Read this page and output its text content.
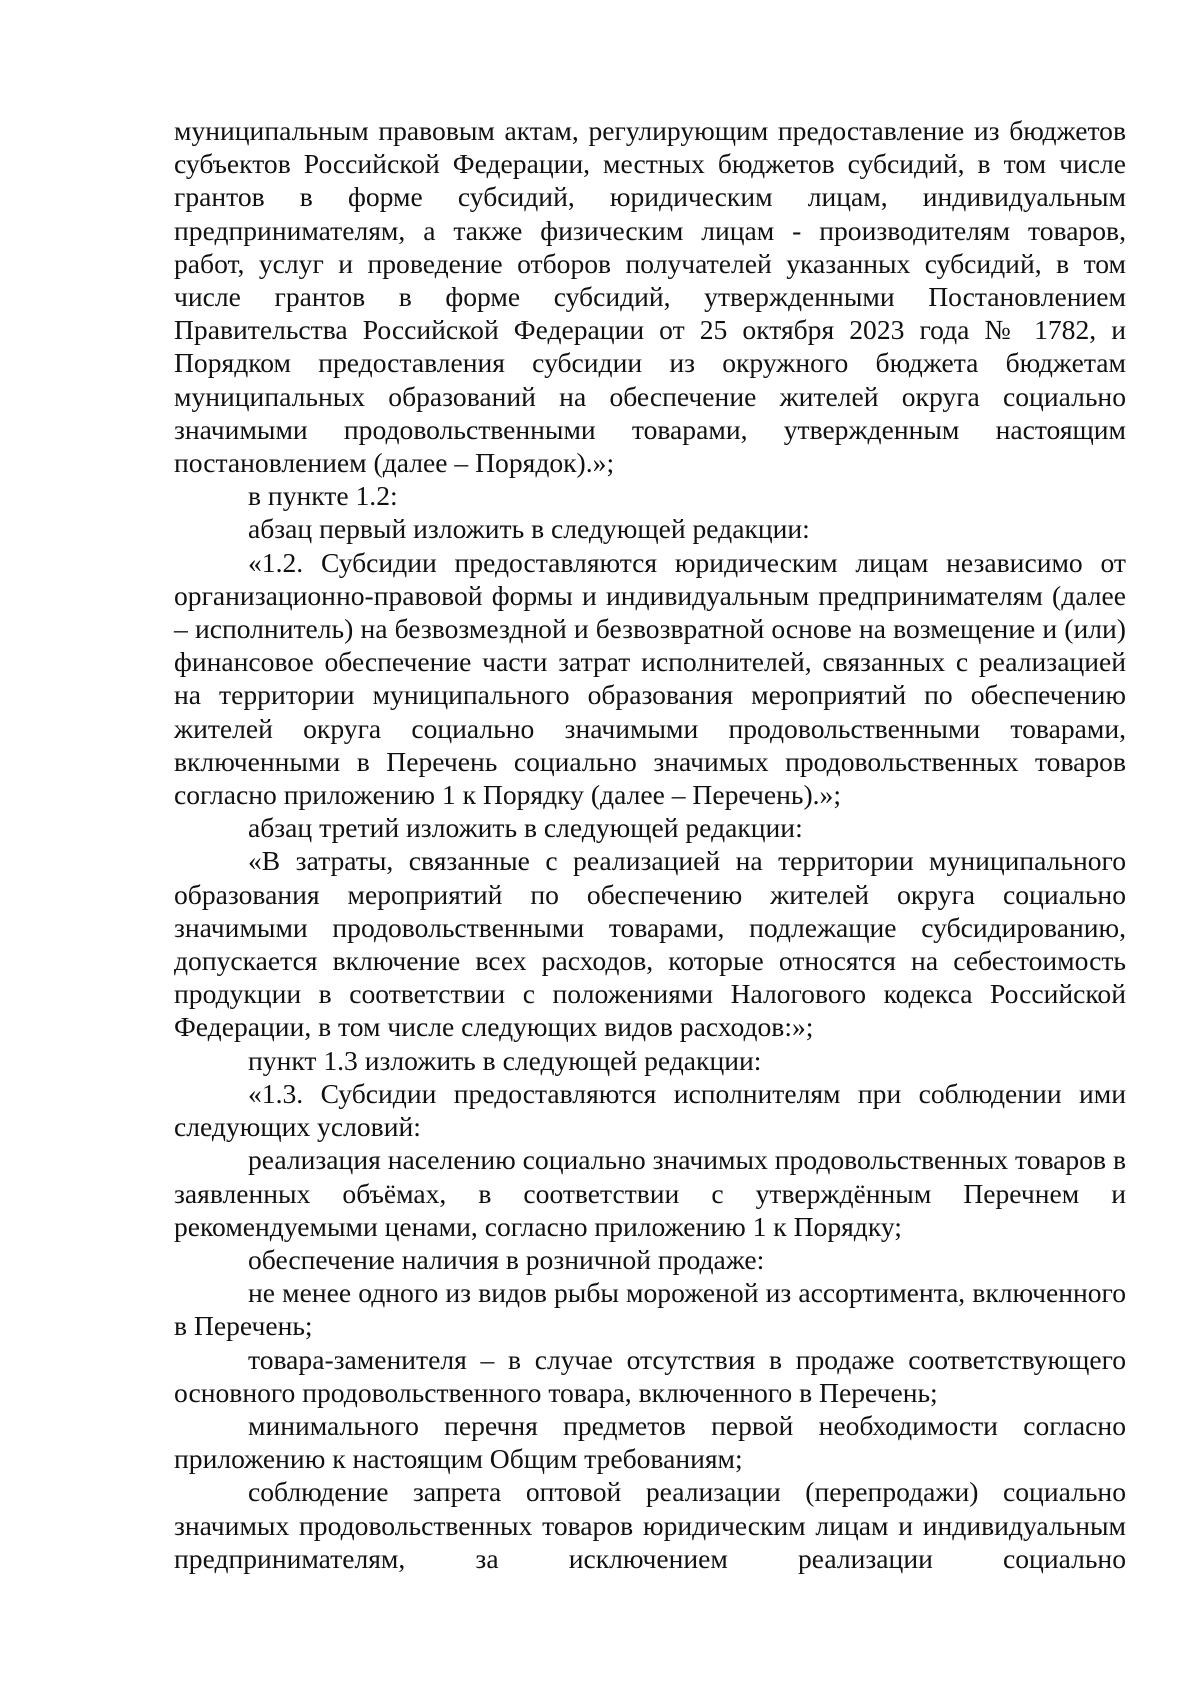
муниципальным правовым актам, регулирующим предоставление из бюджетов субъектов Российской Федерации, местных бюджетов субсидий, в том числе грантов в форме субсидий, юридическим лицам, индивидуальным предпринимателям, а также физическим лицам - производителям товаров, работ, услуг и проведение отборов получателей указанных субсидий, в том числе грантов в форме субсидий, утвержденными Постановлением Правительства Российской Федерации от 25 октября 2023 года № 1782, и Порядком предоставления субсидии из окружного бюджета бюджетам муниципальных образований на обеспечение жителей округа социально значимыми продовольственными товарами, утвержденным настоящим постановлением (далее – Порядок).»;

в пункте 1.2:

абзац первый изложить в следующей редакции:

«1.2. Субсидии предоставляются юридическим лицам независимо от организационно-правовой формы и индивидуальным предпринимателям (далее – исполнитель) на безвозмездной и безвозвратной основе на возмещение и (или) финансовое обеспечение части затрат исполнителей, связанных с реализацией на территории муниципального образования мероприятий по обеспечению жителей округа социально значимыми продовольственными товарами, включенными в Перечень социально значимых продовольственных товаров согласно приложению 1 к Порядку (далее – Перечень).»;

абзац третий изложить в следующей редакции:

«В затраты, связанные с реализацией на территории муниципального образования мероприятий по обеспечению жителей округа социально значимыми продовольственными товарами, подлежащие субсидированию, допускается включение всех расходов, которые относятся на себестоимость продукции в соответствии с положениями Налогового кодекса Российской Федерации, в том числе следующих видов расходов:»;

пункт 1.3 изложить в следующей редакции:

«1.3. Субсидии предоставляются исполнителям при соблюдении ими следующих условий:

реализация населению социально значимых продовольственных товаров в заявленных объёмах, в соответствии с утверждённым Перечнем и рекомендуемыми ценами, согласно приложению 1 к Порядку;

обеспечение наличия в розничной продаже:

не менее одного из видов рыбы мороженой из ассортимента, включенного в Перечень;

товара-заменителя – в случае отсутствия в продаже соответствующего основного продовольственного товара, включенного в Перечень;

минимального перечня предметов первой необходимости согласно приложению к настоящим Общим требованиям;

соблюдение запрета оптовой реализации (перепродажи) социально значимых продовольственных товаров юридическим лицам и индивидуальным предпринимателям, за исключением реализации социально
